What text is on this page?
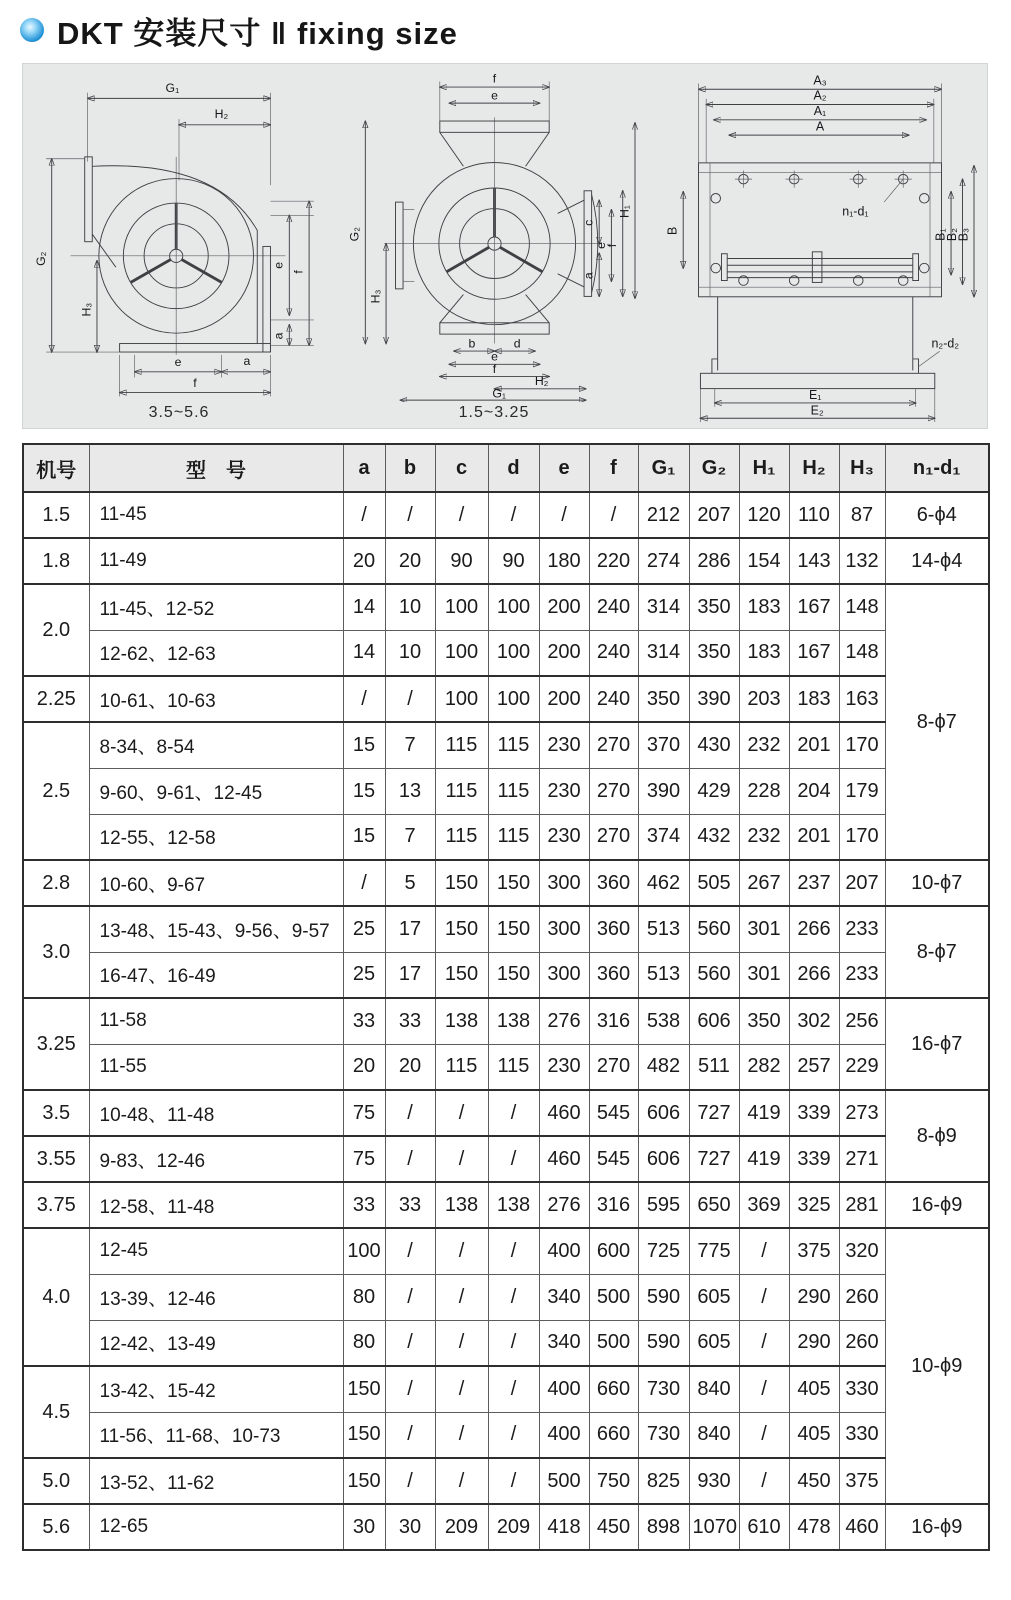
DKT 安装尺寸 ‖ fixing size
G₁
H₂
G₂
H₃
e
a
f
e	a
f
3.5~5.6
f
e
G₂
H₃
c
a
e
f
H₁
b	d
e
f
H₂
G₁
1.5~3.25
A₃
A₂
A₁
A
n₁-d₁
B	B₁
B₂
B₃
n₂-d₂
E₁
E₂
机号	型　号	a	b	c	d	e	f	G₁	G₂	H₁	H₂	H₃	n₁-d₁
1.5	11-45	/	/	/	/	/	/	212	207	120	110	87	6-ϕ4
1.8	11-49	20	20	90	90	180	220	274	286	154	143	132	14-ϕ4
2.0	11-45、12-52	14	10	100	100	200	240	314	350	183	167	148	8-ϕ7
	12-62、12-63	14	10	100	100	200	240	314	350	183	167	148	
2.25	10-61、10-63	/	/	100	100	200	240	350	390	203	183	163	
2.5	8-34、8-54	15	7	115	115	230	270	370	430	232	201	170	
	9-60、9-61、12-45	15	13	115	115	230	270	390	429	228	204	179	
	12-55、12-58	15	7	115	115	230	270	374	432	232	201	170	
2.8	10-60、9-67	/	5	150	150	300	360	462	505	267	237	207	10-ϕ7
3.0	13-48、15-43、9-56、9-57	25	17	150	150	300	360	513	560	301	266	233	8-ϕ7
	16-47、16-49	25	17	150	150	300	360	513	560	301	266	233	
3.25	11-58	33	33	138	138	276	316	538	606	350	302	256	16-ϕ7
	11-55	20	20	115	115	230	270	482	511	282	257	229	
3.5	10-48、11-48	75	/	/	/	460	545	606	727	419	339	273	8-ϕ9
3.55	9-83、12-46	75	/	/	/	460	545	606	727	419	339	271	
3.75	12-58、11-48	33	33	138	138	276	316	595	650	369	325	281	16-ϕ9
4.0	12-45	100	/	/	/	400	600	725	775	/	375	320	10-ϕ9
	13-39、12-46	80	/	/	/	340	500	590	605	/	290	260	
	12-42、13-49	80	/	/	/	340	500	590	605	/	290	260	
4.5	13-42、15-42	150	/	/	/	400	660	730	840	/	405	330	
	11-56、11-68、10-73	150	/	/	/	400	660	730	840	/	405	330	
5.0	13-52、11-62	150	/	/	/	500	750	825	930	/	450	375	
5.6	12-65	30	30	209	209	418	450	898	1070	610	478	460	16-ϕ9
